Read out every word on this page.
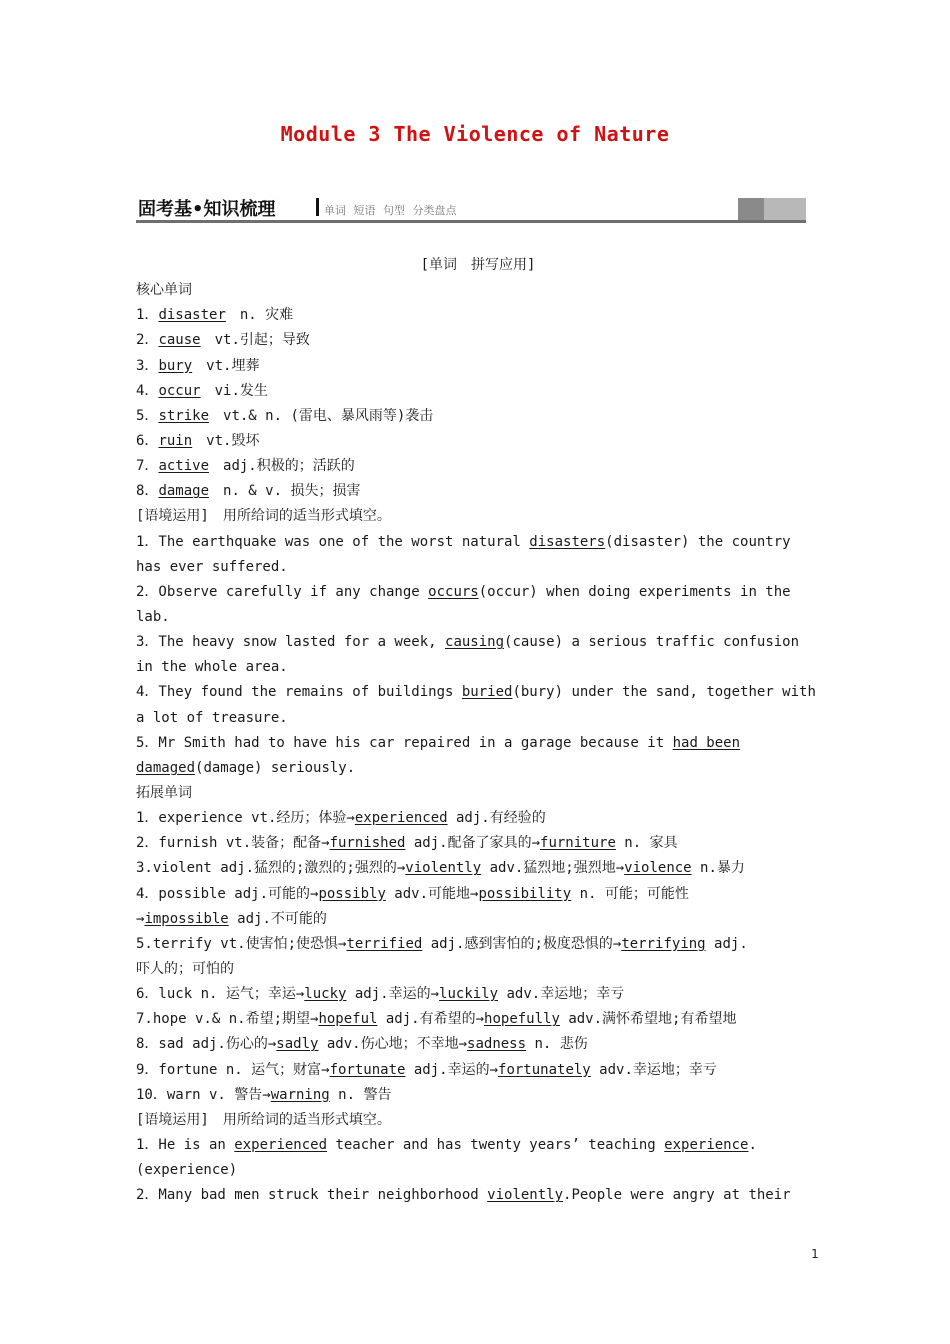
Module 3 The Violence of Nature
固考基•知识梳理	单词 短语 句型 分类盘点
[单词　拼写应用]
核心单词
1．disaster　n. 灾难
2．cause　vt.引起；导致
3．bury　vt.埋葬
4．occur　vi.发生
5．strike　vt.& n. (雷电、暴风雨等)袭击
6．ruin　vt.毁坏
7．active　adj.积极的；活跃的
8．damage　n. & v. 损失；损害
[语境运用]　用所给词的适当形式填空。
1．The earthquake was one of the worst natural disasters(disaster) the country
has ever suffered.
2．Observe carefully if any change occurs(occur) when doing experiments in the
lab.
3．The heavy snow lasted for a week, causing(cause) a serious traffic confusion
in the whole area.
4．They found the remains of buildings buried(bury) under the sand, together with
a lot of treasure.
5．Mr Smith had to have his car repaired in a garage because it had been
damaged(damage) seriously.
拓展单词
1．experience vt.经历；体验→experienced adj.有经验的
2．furnish vt.装备；配备→furnished adj.配备了家具的→furniture n. 家具
3.violent adj.猛烈的;激烈的;强烈的→violently adv.猛烈地;强烈地→violence n.暴力
4．possible adj.可能的→possibly adv.可能地→possibility n. 可能；可能性
→impossible adj.不可能的
5.terrify vt.使害怕;使恐惧→terrified adj.感到害怕的;极度恐惧的→terrifying adj.
吓人的；可怕的
6．luck n. 运气；幸运→lucky adj.幸运的→luckily adv.幸运地；幸亏
7.hope v.& n.希望;期望→hopeful adj.有希望的→hopefully adv.满怀希望地;有希望地
8．sad adj.伤心的→sadly adv.伤心地；不幸地→sadness n. 悲伤
9．fortune n. 运气；财富→fortunate adj.幸运的→fortunately adv.幸运地；幸亏
10．warn v. 警告→warning n. 警告
[语境运用]　用所给词的适当形式填空。
1．He is an experienced teacher and has twenty years’ teaching experience.
(experience)
2．Many bad men struck their neighborhood violently.People were angry at their
1
